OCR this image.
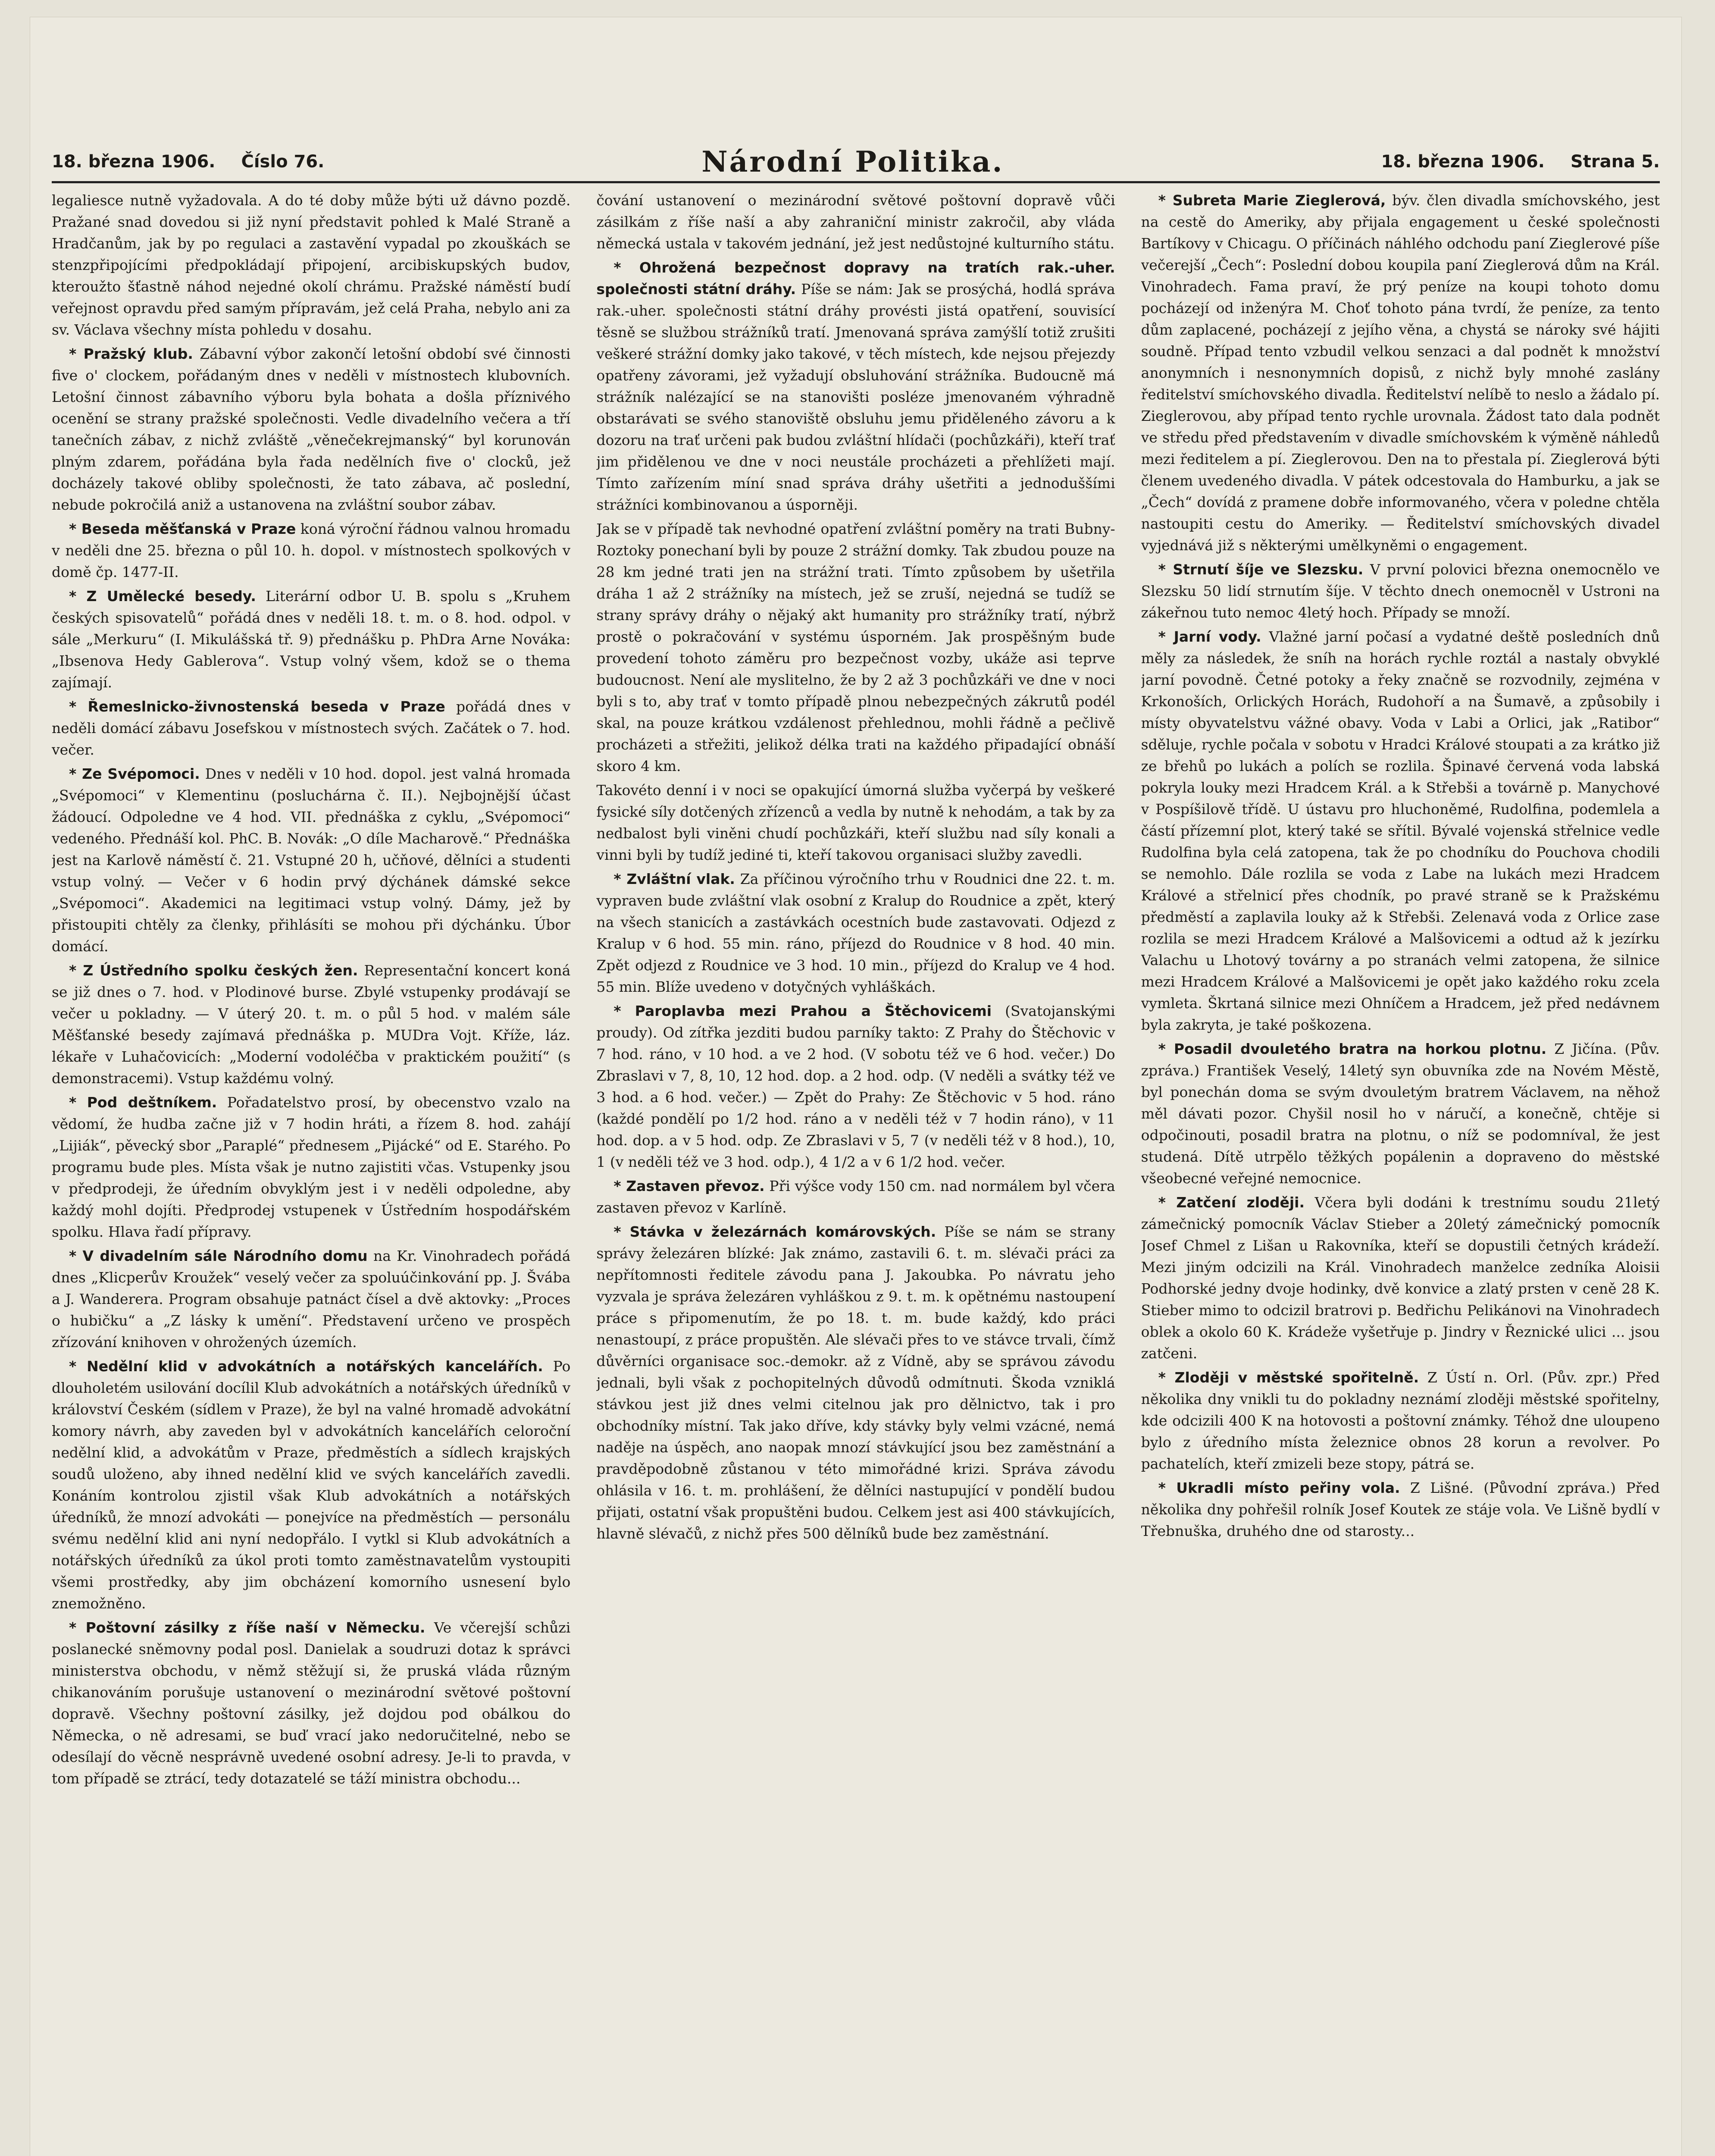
18. března 1906. Číslo 76.	Národní Politika.	18. března 1906. Strana 5.

legaliesce nutně vyžadovala. A do té doby může býti už dávno pozdě. Pražané snad dovedou si již nyní představit pohled k Malé Straně a Hradčanům, jak by po regulaci a zastavění vypadal po zkouškách se stenzpřipojícími předpokládají připojení, arcibiskupských budov, kteroužto šťastně náhod nejedné okolí chrámu. Pražské náměstí budí veřejnost opravdu před samým přípravám, jež celá Praha, nebylo ani za sv. Václava všechny místa pohledu v dosahu.

* Pražský klub. Zábavní výbor zakončí letošní období své činnosti five o' clockem, pořádaným dnes v neděli v místnostech klubovních. Letošní činnost zábavního výboru byla bohata a došla příznivého ocenění se strany pražské společnosti. Vedle divadelního večera a tří tanečních zábav, z nichž zvláště „věnečekrejmanský“ byl korunován plným zdarem, pořádána byla řada nedělních five o' clocků, jež docházely takové obliby společnosti, že tato zábava, ač poslední, nebude pokročilá aniž a ustanovena na zvláštní soubor zábav.

* Beseda měšťanská v Praze koná výroční řádnou valnou hromadu v neděli dne 25. března o půl 10. h. dopol. v místnostech spolkových v domě čp. 1477-II.

* Z Umělecké besedy. Literární odbor U. B. spolu s „Kruhem českých spisovatelů“ pořádá dnes v neděli 18. t. m. o 8. hod. odpol. v sále „Merkuru“ (I. Mikulášská tř. 9) přednášku p. PhDra Arne Nováka: „Ibsenova Hedy Gablerova“. Vstup volný všem, kdož se o thema zajímají.

* Řemeslnicko-živnostenská beseda v Praze pořádá dnes v neděli domácí zábavu Josefskou v místnostech svých. Začátek o 7. hod. večer.

* Ze Svépomoci. Dnes v neděli v 10 hod. dopol. jest valná hromada „Svépomoci“ v Klementinu (posluchárna č. II.). Nejbojnější účast žádoucí. Odpoledne ve 4 hod. VII. přednáška z cyklu, „Svépomoci“ vedeného. Přednáší kol. PhC. B. Novák: „O díle Macharově.“ Přednáška jest na Karlově náměstí č. 21. Vstupné 20 h, učňové, dělníci a studenti vstup volný. — Večer v 6 hodin prvý dýchánek dámské sekce „Svépomoci“. Akademici na legitimaci vstup volný. Dámy, jež by přistoupiti chtěly za členky, přihlásíti se mohou při dýchánku. Úbor domácí.

* Z Ústředního spolku českých žen. Representační koncert koná se již dnes o 7. hod. v Plodinové burse. Zbylé vstupenky prodávají se večer u pokladny. — V úterý 20. t. m. o půl 5 hod. v malém sále Měšťanské besedy zajímavá přednáška p. MUDra Vojt. Kříže, láz. lékaře v Luhačovicích: „Moderní vodoléčba v praktickém použití“ (s demonstracemi). Vstup každému volný.

* Pod deštníkem. Pořadatelstvo prosí, by obecenstvo vzalo na vědomí, že hudba začne již v 7 hodin hráti, a řízem 8. hod. zahájí „Lijiák“, pěvecký sbor „Paraplé“ přednesem „Pijácké“ od E. Starého. Po programu bude ples. Místa však je nutno zajistiti včas. Vstupenky jsou v předprodeji, že úředním obvyklým jest i v neděli odpoledne, aby každý mohl dojíti. Předprodej vstupenek v Ústředním hospodářském spolku. Hlava řadí přípravy.

* V divadelním sále Národního domu na Kr. Vinohradech pořádá dnes „Klicperův Kroužek“ veselý večer za spoluúčinkování pp. J. Švába a J. Wanderera. Program obsahuje patnáct čísel a dvě aktovky: „Proces o hubičku“ a „Z lásky k umění“. Představení určeno ve prospěch zřízování knihoven v ohrožených územích.

* Nedělní klid v advokátních a notářských kancelářích. Po dlouholetém usilování docílil Klub advokátních a notářských úředníků v království Českém (sídlem v Praze), že byl na valné hromadě advokátní komory návrh, aby zaveden byl v advokátních kancelářích celoroční nedělní klid, a advokátům v Praze, předměstích a sídlech krajských soudů uloženo, aby ihned nedělní klid ve svých kancelářích zavedli. Konáním kontrolou zjistil však Klub advokátních a notářských úředníků, že mnozí advokáti — ponejvíce na předměstích — personálu svému nedělní klid ani nyní nedopřálo. I vytkl si Klub advokátních a notářských úředníků za úkol proti tomto zaměstnavatelům vystoupiti všemi prostředky, aby jim obcházení komorního usnesení bylo znemožněno.

* Poštovní zásilky z říše naší v Německu. Ve včerejší schůzi poslanecké sněmovny podal posl. Danielak a soudruzi dotaz k správci ministerstva obchodu, v němž stěžují si, že pruská vláda různým chikanováním porušuje ustanovení o mezinárodní světové poštovní dopravě. Všechny poštovní zásilky, jež dojdou pod obálkou do Německa, o ně adresami, se buď vrací jako nedoručitelné, nebo se odesílají do věcně nesprávně uvedené osobní adresy. Je-li to pravda, v tom případě se ztrácí, tedy dotazatelé se táží ministra obchodu...

čování ustanovení o mezinárodní světové poštovní dopravě vůči zásilkám z říše naší a aby zahraniční ministr zakročil, aby vláda německá ustala v takovém jednání, jež jest nedůstojné kulturního státu.

* Ohrožená bezpečnost dopravy na tratích rak.-uher. společnosti státní dráhy. Píše se nám: Jak se prosýchá, hodlá správa rak.-uher. společnosti státní dráhy provésti jistá opatření, souvisící těsně se službou strážníků tratí. Jmenovaná správa zamýšlí totiž zrušiti veškeré strážní domky jako takové, v těch místech, kde nejsou přejezdy opatřeny závorami, jež vyžadují obsluhování strážníka. Budoucně má strážník nalézající se na stanovišti posléze jmenovaném výhradně obstarávati se svého stanoviště obsluhu jemu přiděleného závoru a k dozoru na trať určeni pak budou zvláštní hlídači (pochůzkáři), kteří trať jim přidělenou ve dne v noci neustále procházeti a přehlížeti mají. Tímto zařízením míní snad správa dráhy ušetřiti a jednoduššími strážníci kombinovanou a úsporněji.

Jak se v případě tak nevhodné opatření zvláštní poměry na trati Bubny-Roztoky ponechaní byli by pouze 2 strážní domky. Tak zbudou pouze na 28 km jedné trati jen na strážní trati. Tímto způsobem by ušetřila dráha 1 až 2 strážníky na místech, jež se zruší, nejedná se tudíž se strany správy dráhy o nějaký akt humanity pro strážníky tratí, nýbrž prostě o pokračování v systému úsporném. Jak prospěšným bude provedení tohoto záměru pro bezpečnost vozby, ukáže asi teprve budoucnost. Není ale myslitelno, že by 2 až 3 pochůzkáři ve dne v noci byli s to, aby trať v tomto případě plnou nebezpečných zákrutů podél skal, na pouze krátkou vzdálenost přehlednou, mohli řádně a pečlivě procházeti a střežiti, jelikož délka trati na každého připadající obnáší skoro 4 km.

Takovéto denní i v noci se opakující úmorná služba vyčerpá by veškeré fysické síly dotčených zřízenců a vedla by nutně k nehodám, a tak by za nedbalost byli viněni chudí pochůzkáři, kteří službu nad síly konali a vinni byli by tudíž jediné ti, kteří takovou organisaci služby zavedli.

* Zvláštní vlak. Za příčinou výročního trhu v Roudnici dne 22. t. m. vypraven bude zvláštní vlak osobní z Kralup do Roudnice a zpět, který na všech stanicích a zastávkách ocestních bude zastavovati. Odjezd z Kralup v 6 hod. 55 min. ráno, příjezd do Roudnice v 8 hod. 40 min. Zpět odjezd z Roudnice ve 3 hod. 10 min., příjezd do Kralup ve 4 hod. 55 min. Blíže uvedeno v dotyčných vyhláškách.

* Paroplavba mezi Prahou a Štěchovicemi (Svatojanskými proudy). Od zítřka jezditi budou parníky takto: Z Prahy do Štěchovic v 7 hod. ráno, v 10 hod. a ve 2 hod. (V sobotu též ve 6 hod. večer.) Do Zbraslavi v 7, 8, 10, 12 hod. dop. a 2 hod. odp. (V neděli a svátky též ve 3 hod. a 6 hod. večer.) — Zpět do Prahy: Ze Štěchovic v 5 hod. ráno (každé pondělí po 1/2 hod. ráno a v neděli též v 7 hodin ráno), v 11 hod. dop. a v 5 hod. odp. Ze Zbraslavi v 5, 7 (v neděli též v 8 hod.), 10, 1 (v neděli též ve 3 hod. odp.), 4 1/2 a v 6 1/2 hod. večer.

* Zastaven převoz. Při výšce vody 150 cm. nad normálem byl včera zastaven převoz v Karlíně.

* Stávka v železárnách komárovských. Píše se nám se strany správy železáren blízké: Jak známo, zastavili 6. t. m. slévači práci za nepřítomnosti ředitele závodu pana J. Jakoubka. Po návratu jeho vyzvala je správa železáren vyhláškou z 9. t. m. k opětnému nastoupení práce s připomenutím, že po 18. t. m. bude každý, kdo práci nenastoupí, z práce propuštěn. Ale slévači přes to ve stávce trvali, čímž důvěrníci organisace soc.-demokr. až z Vídně, aby se správou závodu jednali, byli však z pochopitelných důvodů odmítnuti. Škoda vzniklá stávkou jest již dnes velmi citelnou jak pro dělnictvo, tak i pro obchodníky místní. Tak jako dříve, kdy stávky byly velmi vzácné, nemá naděje na úspěch, ano naopak mnozí stávkující jsou bez zaměstnání a pravděpodobně zůstanou v této mimořádné krizi. Správa závodu ohlásila v 16. t. m. prohlášení, že dělníci nastupující v pondělí budou přijati, ostatní však propuštěni budou. Celkem jest asi 400 stávkujících, hlavně slévačů, z nichž přes 500 dělníků bude bez zaměstnání.

* Subreta Marie Zieglerová, býv. člen divadla smíchovského, jest na cestě do Ameriky, aby přijala engagement u české společnosti Bartíkovy v Chicagu. O příčinách náhlého odchodu paní Zieglerové píše večerejší „Čech“: Poslední dobou koupila paní Zieglerová dům na Král. Vinohradech. Fama praví, že prý peníze na koupi tohoto domu pocházejí od inženýra M. Choť tohoto pána tvrdí, že peníze, za tento dům zaplacené, pocházejí z jejího věna, a chystá se nároky své hájiti soudně. Případ tento vzbudil velkou senzaci a dal podnět k množství anonymních i nesnonymních dopisů, z nichž byly mnohé zaslány ředitelství smíchovského divadla. Ředitelství nelíbě to neslo a žádalo pí. Zieglerovou, aby případ tento rychle urovnala. Žádost tato dala podnět ve středu před představením v divadle smíchovském k výměně náhledů mezi ředitelem a pí. Zieglerovou. Den na to přestala pí. Zieglerová býti členem uvedeného divadla. V pátek odcestovala do Hamburku, a jak se „Čech“ dovídá z pramene dobře informovaného, včera v poledne chtěla nastoupiti cestu do Ameriky. — Ředitelství smíchovských divadel vyjednává již s některými umělkyněmi o engagement.

* Strnutí šíje ve Slezsku. V první polovici března onemocnělo ve Slezsku 50 lidí strnutím šíje. V těchto dnech onemocněl v Ustroni na zákeřnou tuto nemoc 4letý hoch. Případy se množí.

* Jarní vody. Vlažné jarní počasí a vydatné deště posledních dnů měly za následek, že sníh na horách rychle roztál a nastaly obvyklé jarní povodně. Četné potoky a řeky značně se rozvodnily, zejména v Krkonoších, Orlických Horách, Rudohoří a na Šumavě, a způsobily i místy obyvatelstvu vážné obavy. Voda v Labi a Orlici, jak „Ratibor“ sděluje, rychle počala v sobotu v Hradci Králové stoupati a za krátko již ze břehů po lukách a polích se rozlila. Špinavé červená voda labská pokryla louky mezi Hradcem Král. a k Střebši a továrně p. Manychové v Pospíšilově třídě. U ústavu pro hluchoněmé, Rudolfina, podemlela a částí přízemní plot, který také se sřítil. Bývalé vojenská střelnice vedle Rudolfina byla celá zatopena, tak že po chodníku do Pouchova chodili se nemohlo. Dále rozlila se voda z Labe na lukách mezi Hradcem Králové a střelnicí přes chodník, po pravé straně se k Pražskému předměstí a zaplavila louky až k Střebši. Zelenavá voda z Orlice zase rozlila se mezi Hradcem Králové a Malšovicemi a odtud až k jezírku Valachu u Lhotový továrny a po stranách velmi zatopena, že silnice mezi Hradcem Králové a Malšovicemi je opět jako každého roku zcela vymleta. Škrtaná silnice mezi Ohníčem a Hradcem, jež před nedávnem byla zakryta, je také poškozena.

* Posadil dvouletého bratra na horkou plotnu. Z Jičína. (Pův. zpráva.) František Veselý, 14letý syn obuvníka zde na Novém Městě, byl ponechán doma se svým dvouletým bratrem Václavem, na něhož měl dávati pozor. Chyšil nosil ho v náručí, a konečně, chtěje si odpočinouti, posadil bratra na plotnu, o níž se podomníval, že jest studená. Dítě utrpělo těžkých popálenin a dopraveno do městské všeobecné veřejné nemocnice.

* Zatčení zloději. Včera byli dodáni k trestnímu soudu 21letý zámečnický pomocník Václav Stieber a 20letý zámečnický pomocník Josef Chmel z Lišan u Rakovníka, kteří se dopustili četných krádeží. Mezi jiným odcizili na Král. Vinohradech manželce zedníka Aloisii Podhorské jedny dvoje hodinky, dvě konvice a zlatý prsten v ceně 28 K. Stieber mimo to odcizil bratrovi p. Bedřichu Pelikánovi na Vinohradech oblek a okolo 60 K. Krádeže vyšetřuje p. Jindry v Řeznické ulici ... jsou zatčeni.

* Zloději v městské spořitelně. Z Ústí n. Orl. (Pův. zpr.) Před několika dny vnikli tu do pokladny neznámí zloději městské spořitelny, kde odcizili 400 K na hotovosti a poštovní známky. Téhož dne uloupeno bylo z úředního místa železnice obnos 28 korun a revolver. Po pachatelích, kteří zmizeli beze stopy, pátrá se.

* Ukradli místo peřiny vola. Z Lišné. (Původní zpráva.) Před několika dny pohřešil rolník Josef Koutek ze stáje vola. Ve Lišně bydlí v Třebnuška, druhého dne od starosty...
